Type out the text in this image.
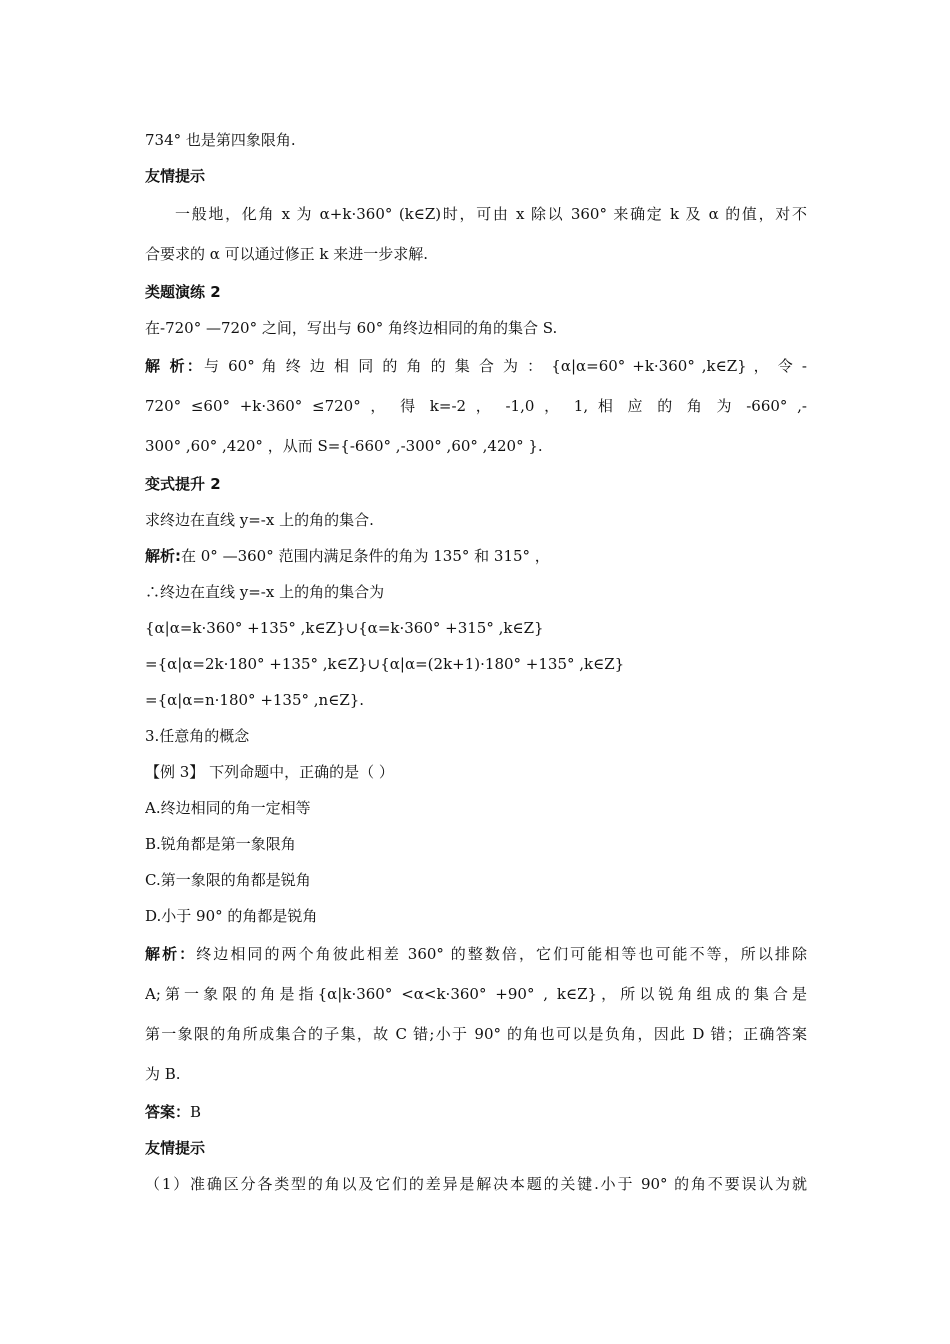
734° 也是第四象限角.
友情提示
一般地，化角 x 为 α+k·360° (k∈Z)时，可由 x 除以 360° 来确定 k 及 α 的值，对不
合要求的 α 可以通过修正 k 来进一步求解.
类题演练 2
在-720° —720° 之间，写出与 60° 角终边相同的角的集合 S.
解 析：与 60° 角 终 边 相 同 的 角 的 集 合 为 ： {α|α=60° +k·360° ,k∈Z} ， 令 -
720° ≤60° +k·360° ≤720° ， 得 k=-2 ， -1,0 ， 1, 相 应 的 角 为 -660° ,-
300° ,60° ,420° ，从而 S={-660° ,-300° ,60° ,420° }.
变式提升 2
求终边在直线 y=-x 上的角的集合.
解析:在 0° —360° 范围内满足条件的角为 135° 和 315° ，
∴终边在直线 y=-x 上的角的集合为
{α|α=k·360° +135° ,k∈Z}∪{α=k·360° +315° ,k∈Z}
={α|α=2k·180° +135° ,k∈Z}∪{α|α=(2k+1)·180° +135° ,k∈Z}
={α|α=n·180° +135° ,n∈Z}.
3.任意角的概念
【例 3】 下列命题中，正确的是（ ）
A.终边相同的角一定相等
B.锐角都是第一象限角
C.第一象限的角都是锐角
D.小于 90° 的角都是锐角
解析：终边相同的两个角彼此相差 360° 的整数倍，它们可能相等也可能不等，所以排除
A;第一象限的角是指{α|k·360° <α<k·360° +90° , k∈Z}，所以锐角组成的集合是
第一象限的角所成集合的子集，故 C 错;小于 90° 的角也可以是负角，因此 D 错；正确答案
为 B.
答案：B
友情提示
（1）准确区分各类型的角以及它们的差异是解决本题的关键.小于 90° 的角不要误认为就
